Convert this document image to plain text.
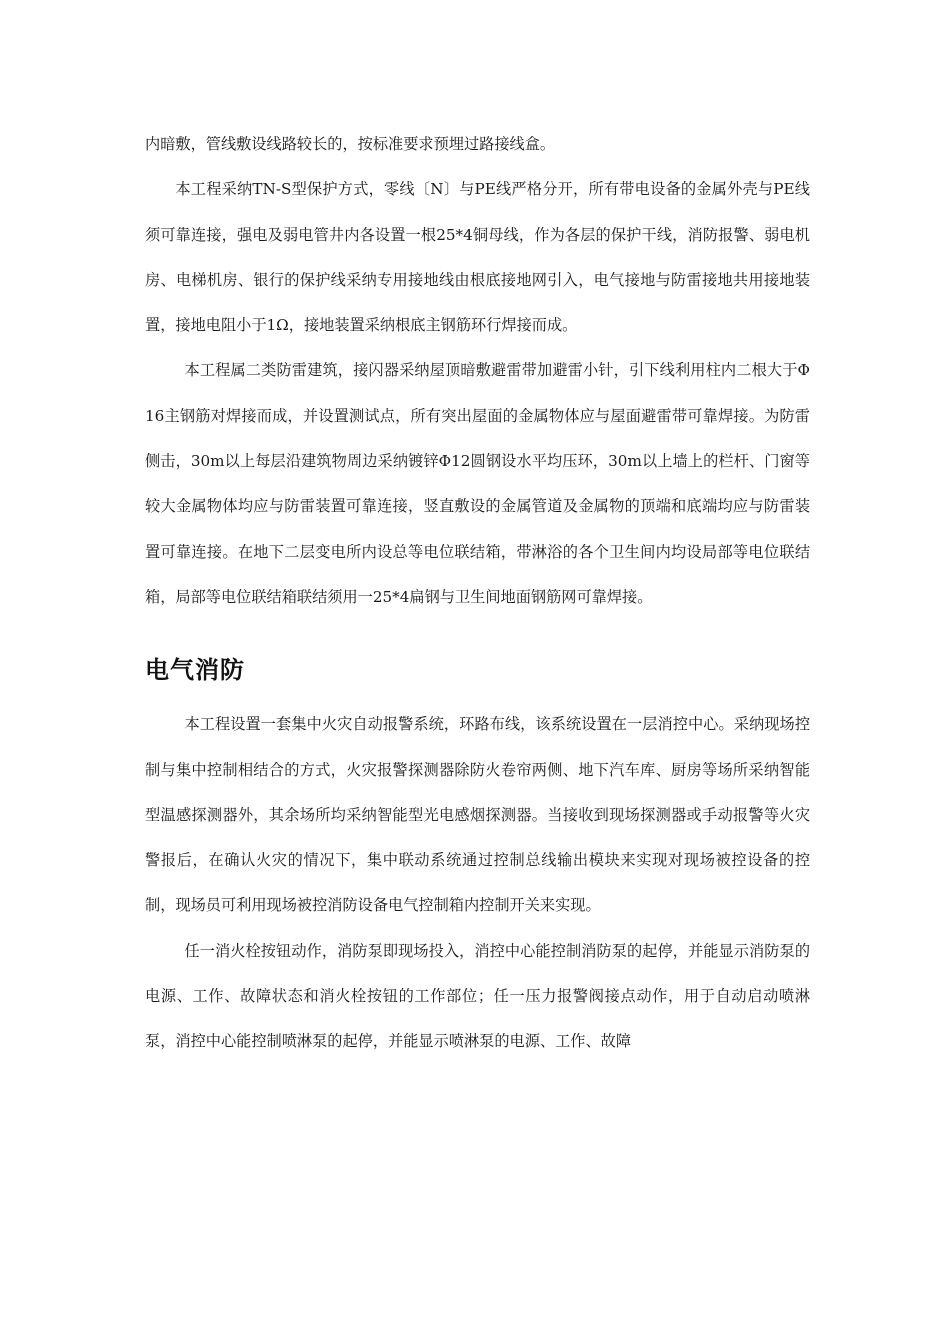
内暗敷，管线敷设线路较长的，按标准要求预埋过路接线盒。

本工程采纳TN-S型保护方式，零线〔N〕与PE线严格分开，所有带电设备的金属外壳与PE线须可靠连接，强电及弱电管井内各设置一根25*4铜母线，作为各层的保护干线，消防报警、弱电机房、电梯机房、银行的保护线采纳专用接地线由根底接地网引入，电气接地与防雷接地共用接地装置，接地电阻小于1Ω，接地装置采纳根底主钢筋环行焊接而成。

本工程属二类防雷建筑，接闪器采纳屋顶暗敷避雷带加避雷小针，引下线利用柱内二根大于Φ16主钢筋对焊接而成，并设置测试点，所有突出屋面的金属物体应与屋面避雷带可靠焊接。为防雷侧击，30m以上每层沿建筑物周边采纳镀锌Φ12圆钢设水平均压环，30m以上墙上的栏杆、门窗等较大金属物体均应与防雷装置可靠连接，竖直敷设的金属管道及金属物的顶端和底端均应与防雷装置可靠连接。在地下二层变电所内设总等电位联结箱，带淋浴的各个卫生间内均设局部等电位联结箱，局部等电位联结箱联结须用一25*4扁钢与卫生间地面钢筋网可靠焊接。

电气消防

本工程设置一套集中火灾自动报警系统，环路布线，该系统设置在一层消控中心。采纳现场控制与集中控制相结合的方式，火灾报警探测器除防火卷帘两侧、地下汽车库、厨房等场所采纳智能型温感探测器外，其余场所均采纳智能型光电感烟探测器。当接收到现场探测器或手动报警等火灾警报后，在确认火灾的情况下，集中联动系统通过控制总线输出模块来实现对现场被控设备的控制，现场员可利用现场被控消防设备电气控制箱内控制开关来实现。

任一消火栓按钮动作，消防泵即现场投入，消控中心能控制消防泵的起停，并能显示消防泵的电源、工作、故障状态和消火栓按钮的工作部位；任一压力报警阀接点动作，用于自动启动喷淋泵，消控中心能控制喷淋泵的起停，并能显示喷淋泵的电源、工作、故障
